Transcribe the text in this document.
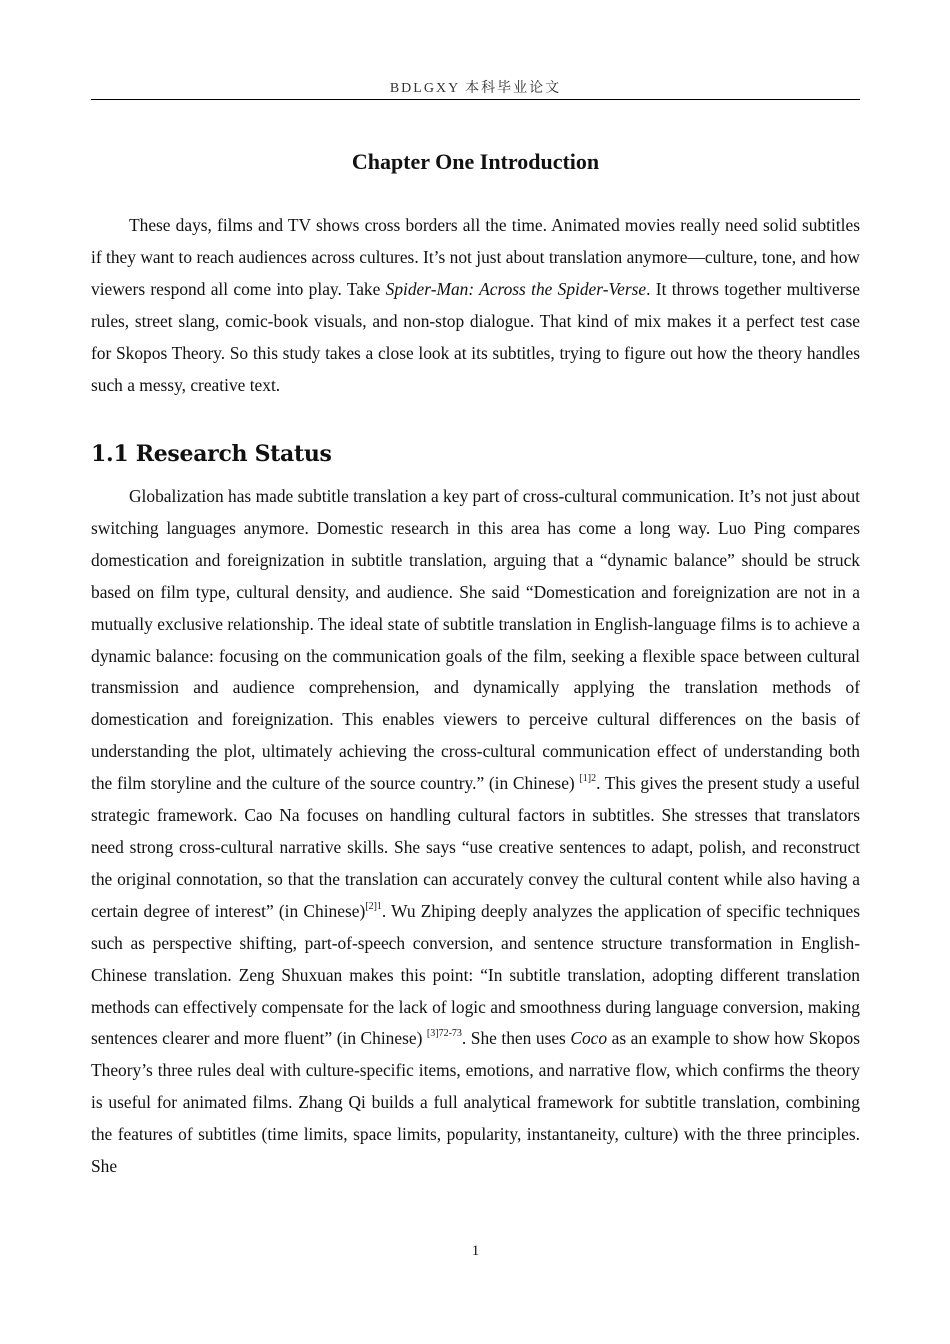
BDLGXY 本科毕业论文
Chapter One Introduction

These days, films and TV shows cross borders all the time. Animated movies really need solid subtitles if they want to reach audiences across cultures. It’s not just about translation anymore—culture, tone, and how viewers respond all come into play. Take Spider-Man: Across the Spider-Verse. It throws together multiverse rules, street slang, comic-book visuals, and non-stop dialogue. That kind of mix makes it a perfect test case for Skopos Theory. So this study takes a close look at its subtitles, trying to figure out how the theory handles such a messy, creative text.

1.1 Research Status

Globalization has made subtitle translation a key part of cross-cultural communication. It’s not just about switching languages anymore. Domestic research in this area has come a long way. Luo Ping compares domestication and foreignization in subtitle translation, arguing that a “dynamic balance” should be struck based on film type, cultural density, and audience. She said “Domestication and foreignization are not in a mutually exclusive relationship. The ideal state of subtitle translation in English-language films is to achieve a dynamic balance: focusing on the communication goals of the film, seeking a flexible space between cultural transmission and audience comprehension, and dynamically applying the translation methods of domestication and foreignization. This enables viewers to perceive cultural differences on the basis of understanding the plot, ultimately achieving the cross-cultural communication effect of understanding both the film storyline and the culture of the source country.” (in Chinese) $^{[1]2}$. This gives the present study a useful strategic framework. Cao Na focuses on handling cultural factors in subtitles. She stresses that translators need strong cross-cultural narrative skills. She says “use creative sentences to adapt, polish, and reconstruct the original connotation, so that the translation can accurately convey the cultural content while also having a certain degree of interest” (in Chinese)$^{[2]1}$. Wu Zhiping deeply analyzes the application of specific techniques such as perspective shifting, part-of-speech conversion, and sentence structure transformation in English-Chinese translation. Zeng Shuxuan makes this point: “In subtitle translation, adopting different translation methods can effectively compensate for the lack of logic and smoothness during language conversion, making sentences clearer and more fluent” (in Chinese) $^{[3]72-73}$. She then uses Coco as an example to show how Skopos Theory’s three rules deal with culture-specific items, emotions, and narrative flow, which confirms the theory is useful for animated films. Zhang Qi builds a full analytical framework for subtitle translation, combining the features of subtitles (time limits, space limits, popularity, instantaneity, culture) with the three principles. She

1
